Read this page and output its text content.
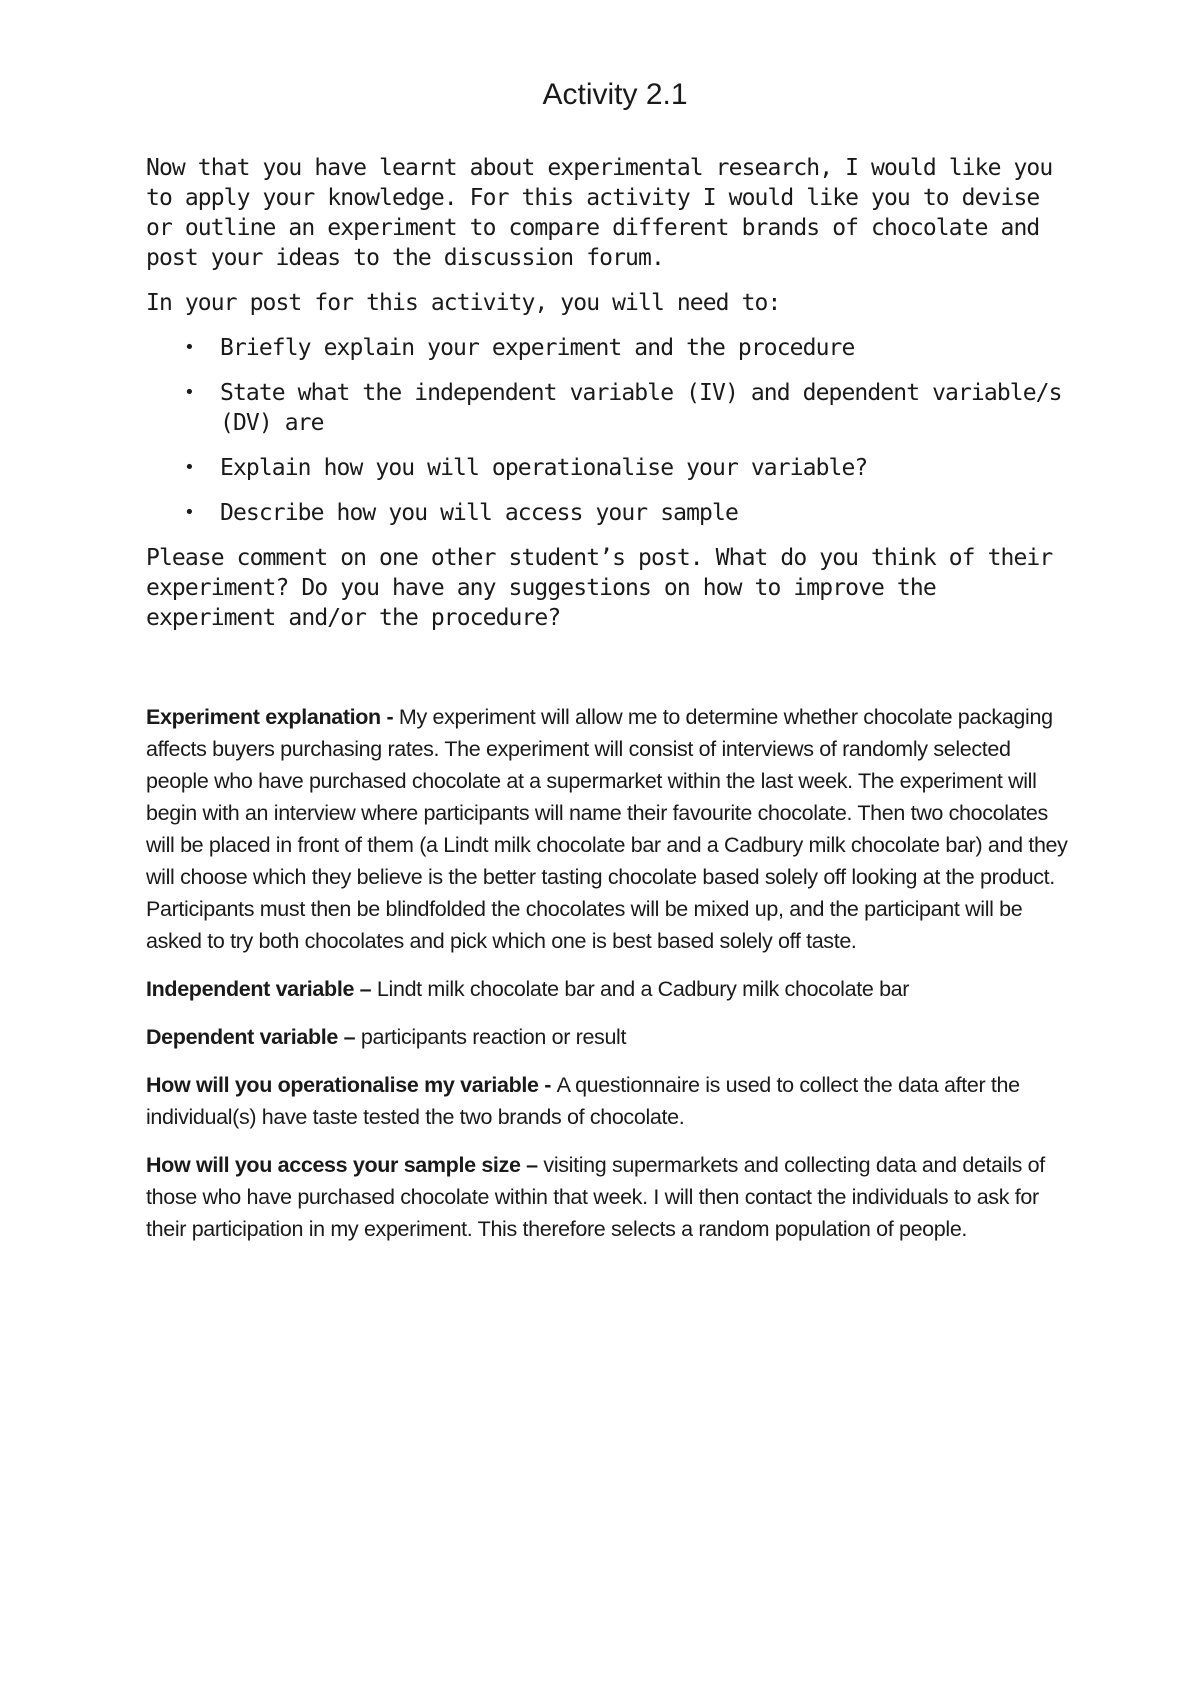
Activity 2.1

Now that you have learnt about experimental research, I would like you to apply your knowledge. For this activity I would like you to devise or outline an experiment to compare different brands of chocolate and post your ideas to the discussion forum.

In your post for this activity, you will need to:

• Briefly explain your experiment and the procedure
• State what the independent variable (IV) and dependent variable/s (DV) are
• Explain how you will operationalise your variable?
• Describe how you will access your sample

Please comment on one other student’s post. What do you think of their experiment? Do you have any suggestions on how to improve the experiment and/or the procedure?

Experiment explanation - My experiment will allow me to determine whether chocolate packaging affects buyers purchasing rates. The experiment will consist of interviews of randomly selected people who have purchased chocolate at a supermarket within the last week. The experiment will begin with an interview where participants will name their favourite chocolate. Then two chocolates will be placed in front of them (a Lindt milk chocolate bar and a Cadbury milk chocolate bar) and they will choose which they believe is the better tasting chocolate based solely off looking at the product. Participants must then be blindfolded the chocolates will be mixed up, and the participant will be asked to try both chocolates and pick which one is best based solely off taste.

Independent variable – Lindt milk chocolate bar and a Cadbury milk chocolate bar

Dependent variable – participants reaction or result

How will you operationalise my variable - A questionnaire is used to collect the data after the individual(s) have taste tested the two brands of chocolate.

How will you access your sample size – visiting supermarkets and collecting data and details of those who have purchased chocolate within that week. I will then contact the individuals to ask for their participation in my experiment. This therefore selects a random population of people.
